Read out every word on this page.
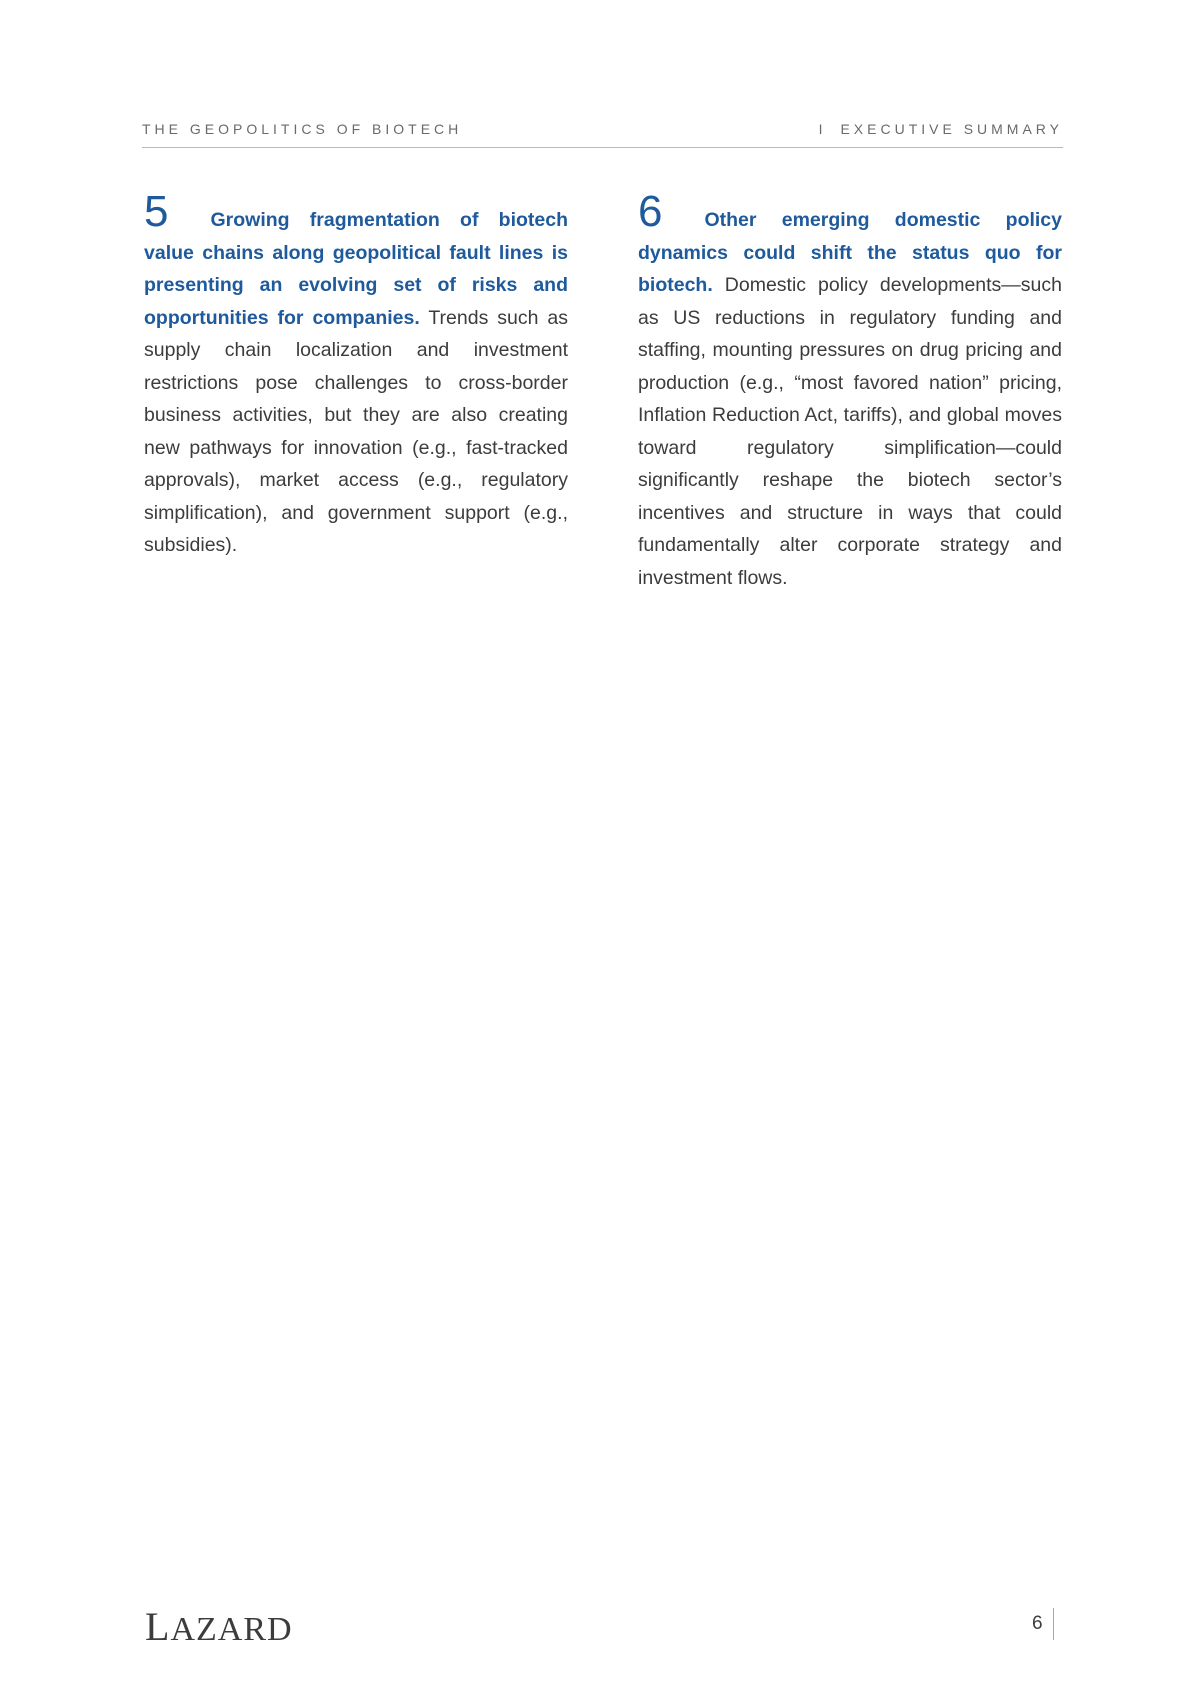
THE GEOPOLITICS OF BIOTECH	I EXECUTIVE SUMMARY
5 Growing fragmentation of biotech value chains along geopolitical fault lines is presenting an evolving set of risks and opportunities for companies. Trends such as supply chain localization and investment restrictions pose challenges to cross-border business activities, but they are also creating new pathways for innovation (e.g., fast-tracked approvals), market access (e.g., regulatory simplification), and government support (e.g., subsidies).
6 Other emerging domestic policy dynamics could shift the status quo for biotech. Domestic policy developments—such as US reductions in regulatory funding and staffing, mounting pressures on drug pricing and production (e.g., “most favored nation” pricing, Inflation Reduction Act, tariffs), and global moves toward regulatory simplification—could significantly reshape the biotech sector’s incentives and structure in ways that could fundamentally alter corporate strategy and investment flows.
LAZARD	6
